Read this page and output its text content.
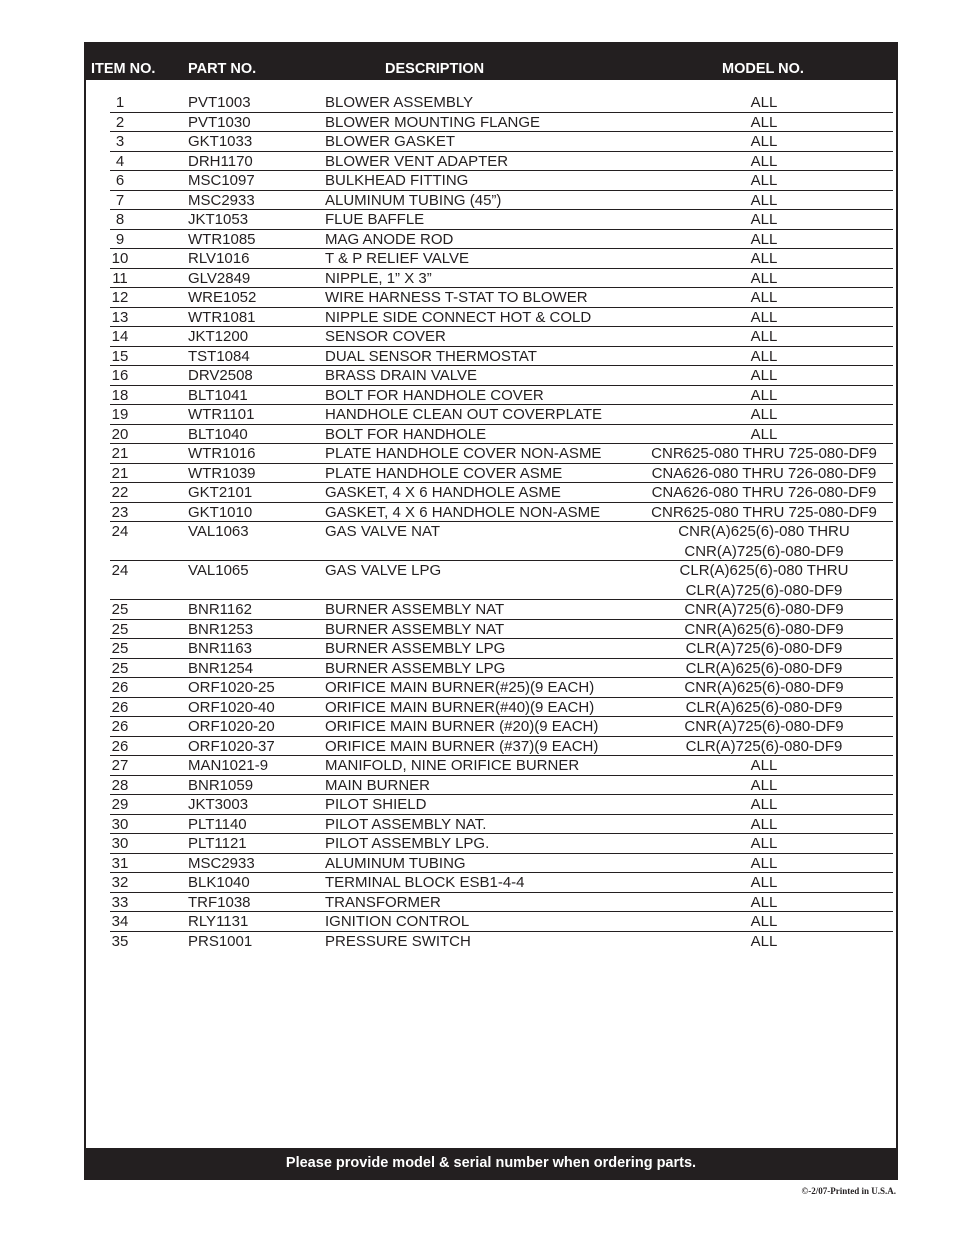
ITEM NO. PART NO.	DESCRIPTION	MODEL NO.
1	PVT1003	BLOWER ASSEMBLY	ALL
2	PVT1030	BLOWER MOUNTING FLANGE	ALL
3	GKT1033	BLOWER GASKET	ALL
4	DRH1170	BLOWER VENT ADAPTER	ALL
6	MSC1097	BULKHEAD FITTING	ALL
7	MSC2933	ALUMINUM TUBING (45”)	ALL
8	JKT1053	FLUE BAFFLE	ALL
9	WTR1085	MAG ANODE ROD	ALL
10	RLV1016	T & P RELIEF VALVE	ALL
11	GLV2849	NIPPLE, 1” X 3”	ALL
12	WRE1052	WIRE HARNESS T-STAT TO BLOWER	ALL
13	WTR1081	NIPPLE SIDE CONNECT HOT & COLD	ALL
14	JKT1200	SENSOR COVER	ALL
15	TST1084	DUAL SENSOR THERMOSTAT	ALL
16	DRV2508	BRASS DRAIN VALVE	ALL
18	BLT1041	BOLT FOR HANDHOLE COVER	ALL
19	WTR1101	HANDHOLE CLEAN OUT COVERPLATE	ALL
20	BLT1040	BOLT FOR HANDHOLE	ALL
21	WTR1016	PLATE HANDHOLE COVER NON-ASME	CNR625-080 THRU 725-080-DF9
21	WTR1039	PLATE HANDHOLE COVER ASME	CNA626-080 THRU 726-080-DF9
22	GKT2101	GASKET, 4 X 6 HANDHOLE ASME	CNA626-080 THRU 726-080-DF9
23	GKT1010	GASKET, 4 X 6 HANDHOLE NON-ASME	CNR625-080 THRU 725-080-DF9
24	VAL1063	GAS VALVE NAT	CNR(A)625(6)-080 THRU
CNR(A)725(6)-080-DF9
24	VAL1065	GAS VALVE LPG	CLR(A)625(6)-080 THRU
CLR(A)725(6)-080-DF9
25	BNR1162	BURNER ASSEMBLY NAT	CNR(A)725(6)-080-DF9
25	BNR1253	BURNER ASSEMBLY NAT	CNR(A)625(6)-080-DF9
25	BNR1163	BURNER ASSEMBLY LPG	CLR(A)725(6)-080-DF9
25	BNR1254	BURNER ASSEMBLY LPG	CLR(A)625(6)-080-DF9
26	ORF1020-25	ORIFICE MAIN BURNER(#25)(9 EACH)	CNR(A)625(6)-080-DF9
26	ORF1020-40	ORIFICE MAIN BURNER(#40)(9 EACH)	CLR(A)625(6)-080-DF9
26	ORF1020-20	ORIFICE MAIN BURNER (#20)(9 EACH)	CNR(A)725(6)-080-DF9
26	ORF1020-37	ORIFICE MAIN BURNER (#37)(9 EACH)	CLR(A)725(6)-080-DF9
27	MAN1021-9	MANIFOLD, NINE ORIFICE BURNER	ALL
28	BNR1059	MAIN BURNER	ALL
29	JKT3003	PILOT SHIELD	ALL
30	PLT1140	PILOT ASSEMBLY NAT.	ALL
30	PLT1121	PILOT ASSEMBLY LPG.	ALL
31	MSC2933	ALUMINUM TUBING	ALL
32	BLK1040	TERMINAL BLOCK ESB1-4-4	ALL
33	TRF1038	TRANSFORMER	ALL
34	RLY1131	IGNITION CONTROL	ALL
35	PRS1001	PRESSURE SWITCH	ALL
Please provide model & serial number when ordering parts.
©-2/07-Printed in U.S.A.
